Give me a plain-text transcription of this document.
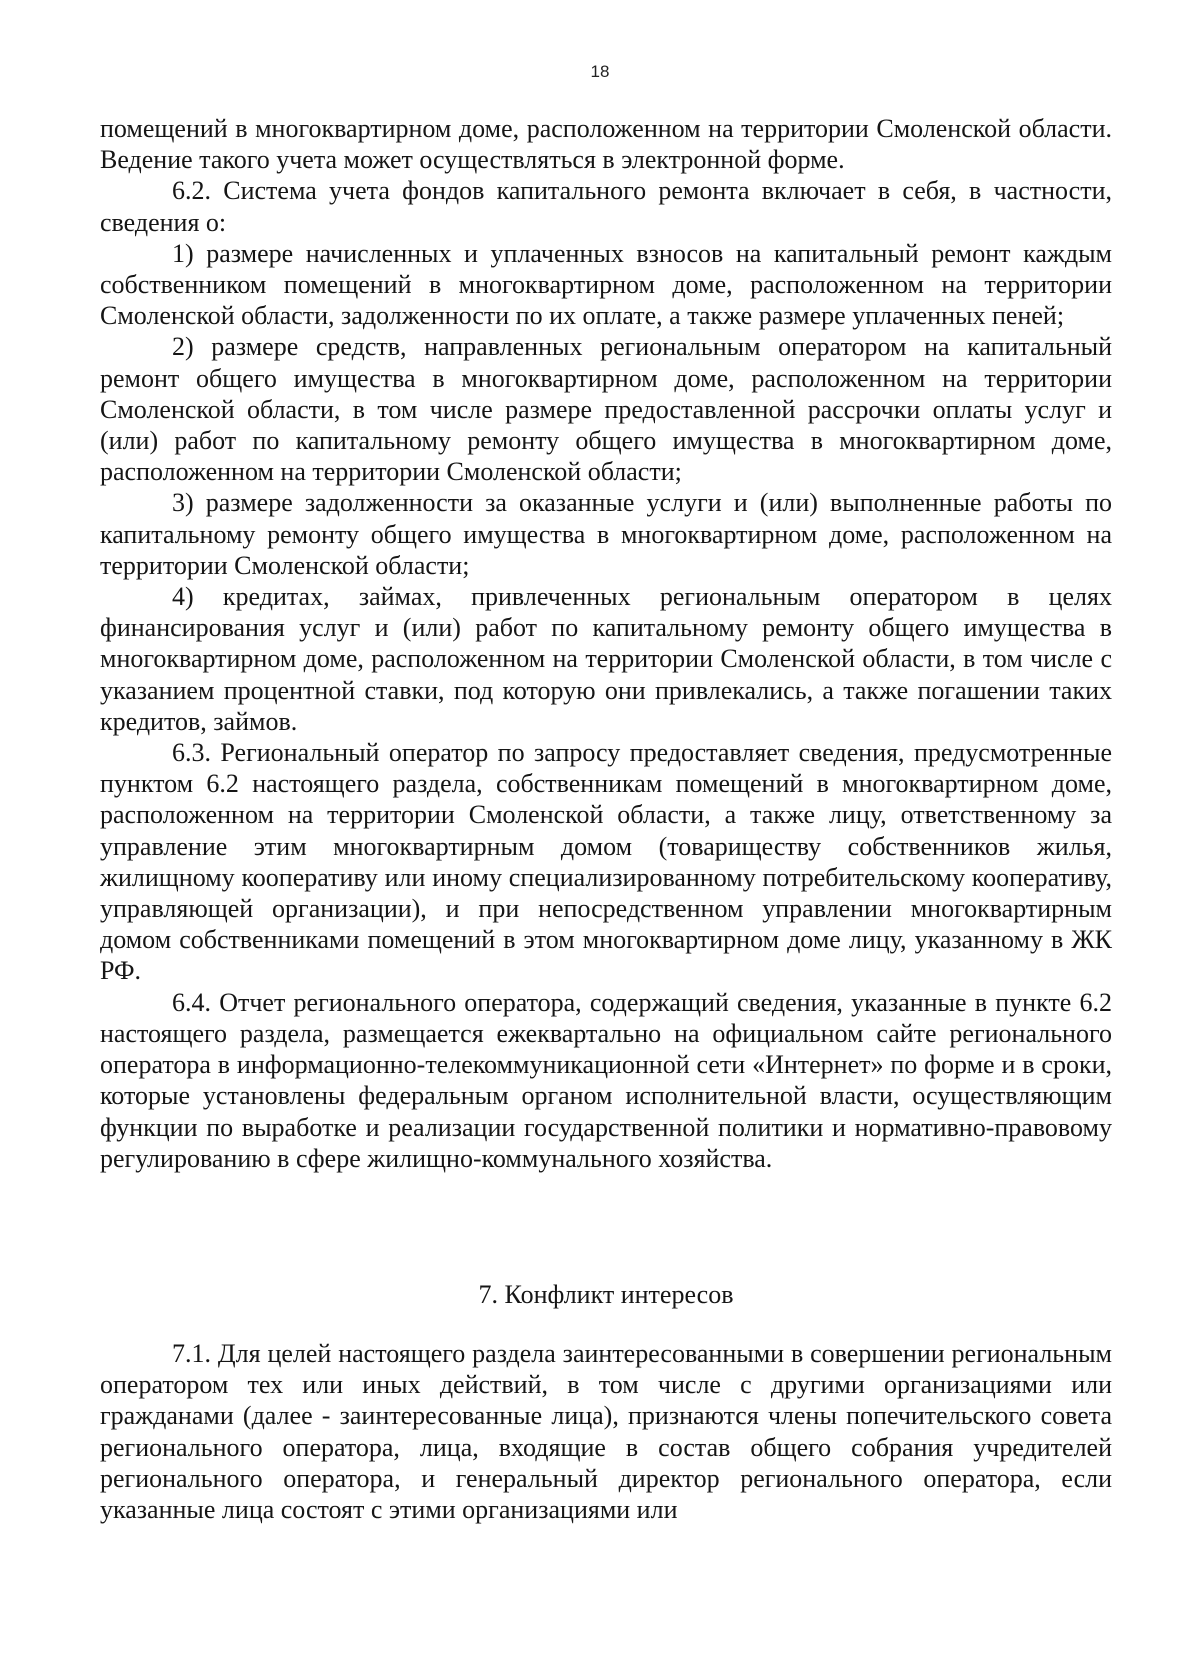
18

помещений в многоквартирном доме, расположенном на территории Смоленской области. Ведение такого учета может осуществляться в электронной форме.

6.2. Система учета фондов капитального ремонта включает в себя, в частности, сведения о:

1) размере начисленных и уплаченных взносов на капитальный ремонт каждым собственником помещений в многоквартирном доме, расположенном на территории Смоленской области, задолженности по их оплате, а также размере уплаченных пеней;

2) размере средств, направленных региональным оператором на капитальный ремонт общего имущества в многоквартирном доме, расположенном на территории Смоленской области, в том числе размере предоставленной рассрочки оплаты услуг и (или) работ по капитальному ремонту общего имущества в многоквартирном доме, расположенном на территории Смоленской области;

3) размере задолженности за оказанные услуги и (или) выполненные работы по капитальному ремонту общего имущества в многоквартирном доме, расположенном на территории Смоленской области;

4) кредитах, займах, привлеченных региональным оператором в целях финансирования услуг и (или) работ по капитальному ремонту общего имущества в многоквартирном доме, расположенном на территории Смоленской области, в том числе с указанием процентной ставки, под которую они привлекались, а также погашении таких кредитов, займов.

6.3. Региональный оператор по запросу предоставляет сведения, предусмотренные пунктом 6.2 настоящего раздела, собственникам помещений в многоквартирном доме, расположенном на территории Смоленской области, а также лицу, ответственному за управление этим многоквартирным домом (товариществу собственников жилья, жилищному кооперативу или иному специализированному потребительскому кооперативу, управляющей организации), и при непосредственном управлении многоквартирным домом собственниками помещений в этом многоквартирном доме лицу, указанному в ЖК РФ.

6.4. Отчет регионального оператора, содержащий сведения, указанные в пункте 6.2 настоящего раздела, размещается ежеквартально на официальном сайте регионального оператора в информационно-телекоммуникационной сети «Интернет» по форме и в сроки, которые установлены федеральным органом исполнительной власти, осуществляющим функции по выработке и реализации государственной политики и нормативно-правовому регулированию в сфере жилищно-коммунального хозяйства.

7. Конфликт интересов

7.1. Для целей настоящего раздела заинтересованными в совершении региональным оператором тех или иных действий, в том числе с другими организациями или гражданами (далее - заинтересованные лица), признаются члены попечительского совета регионального оператора, лица, входящие в состав общего собрания учредителей регионального оператора, и генеральный директор регионального оператора, если указанные лица состоят с этими организациями или
